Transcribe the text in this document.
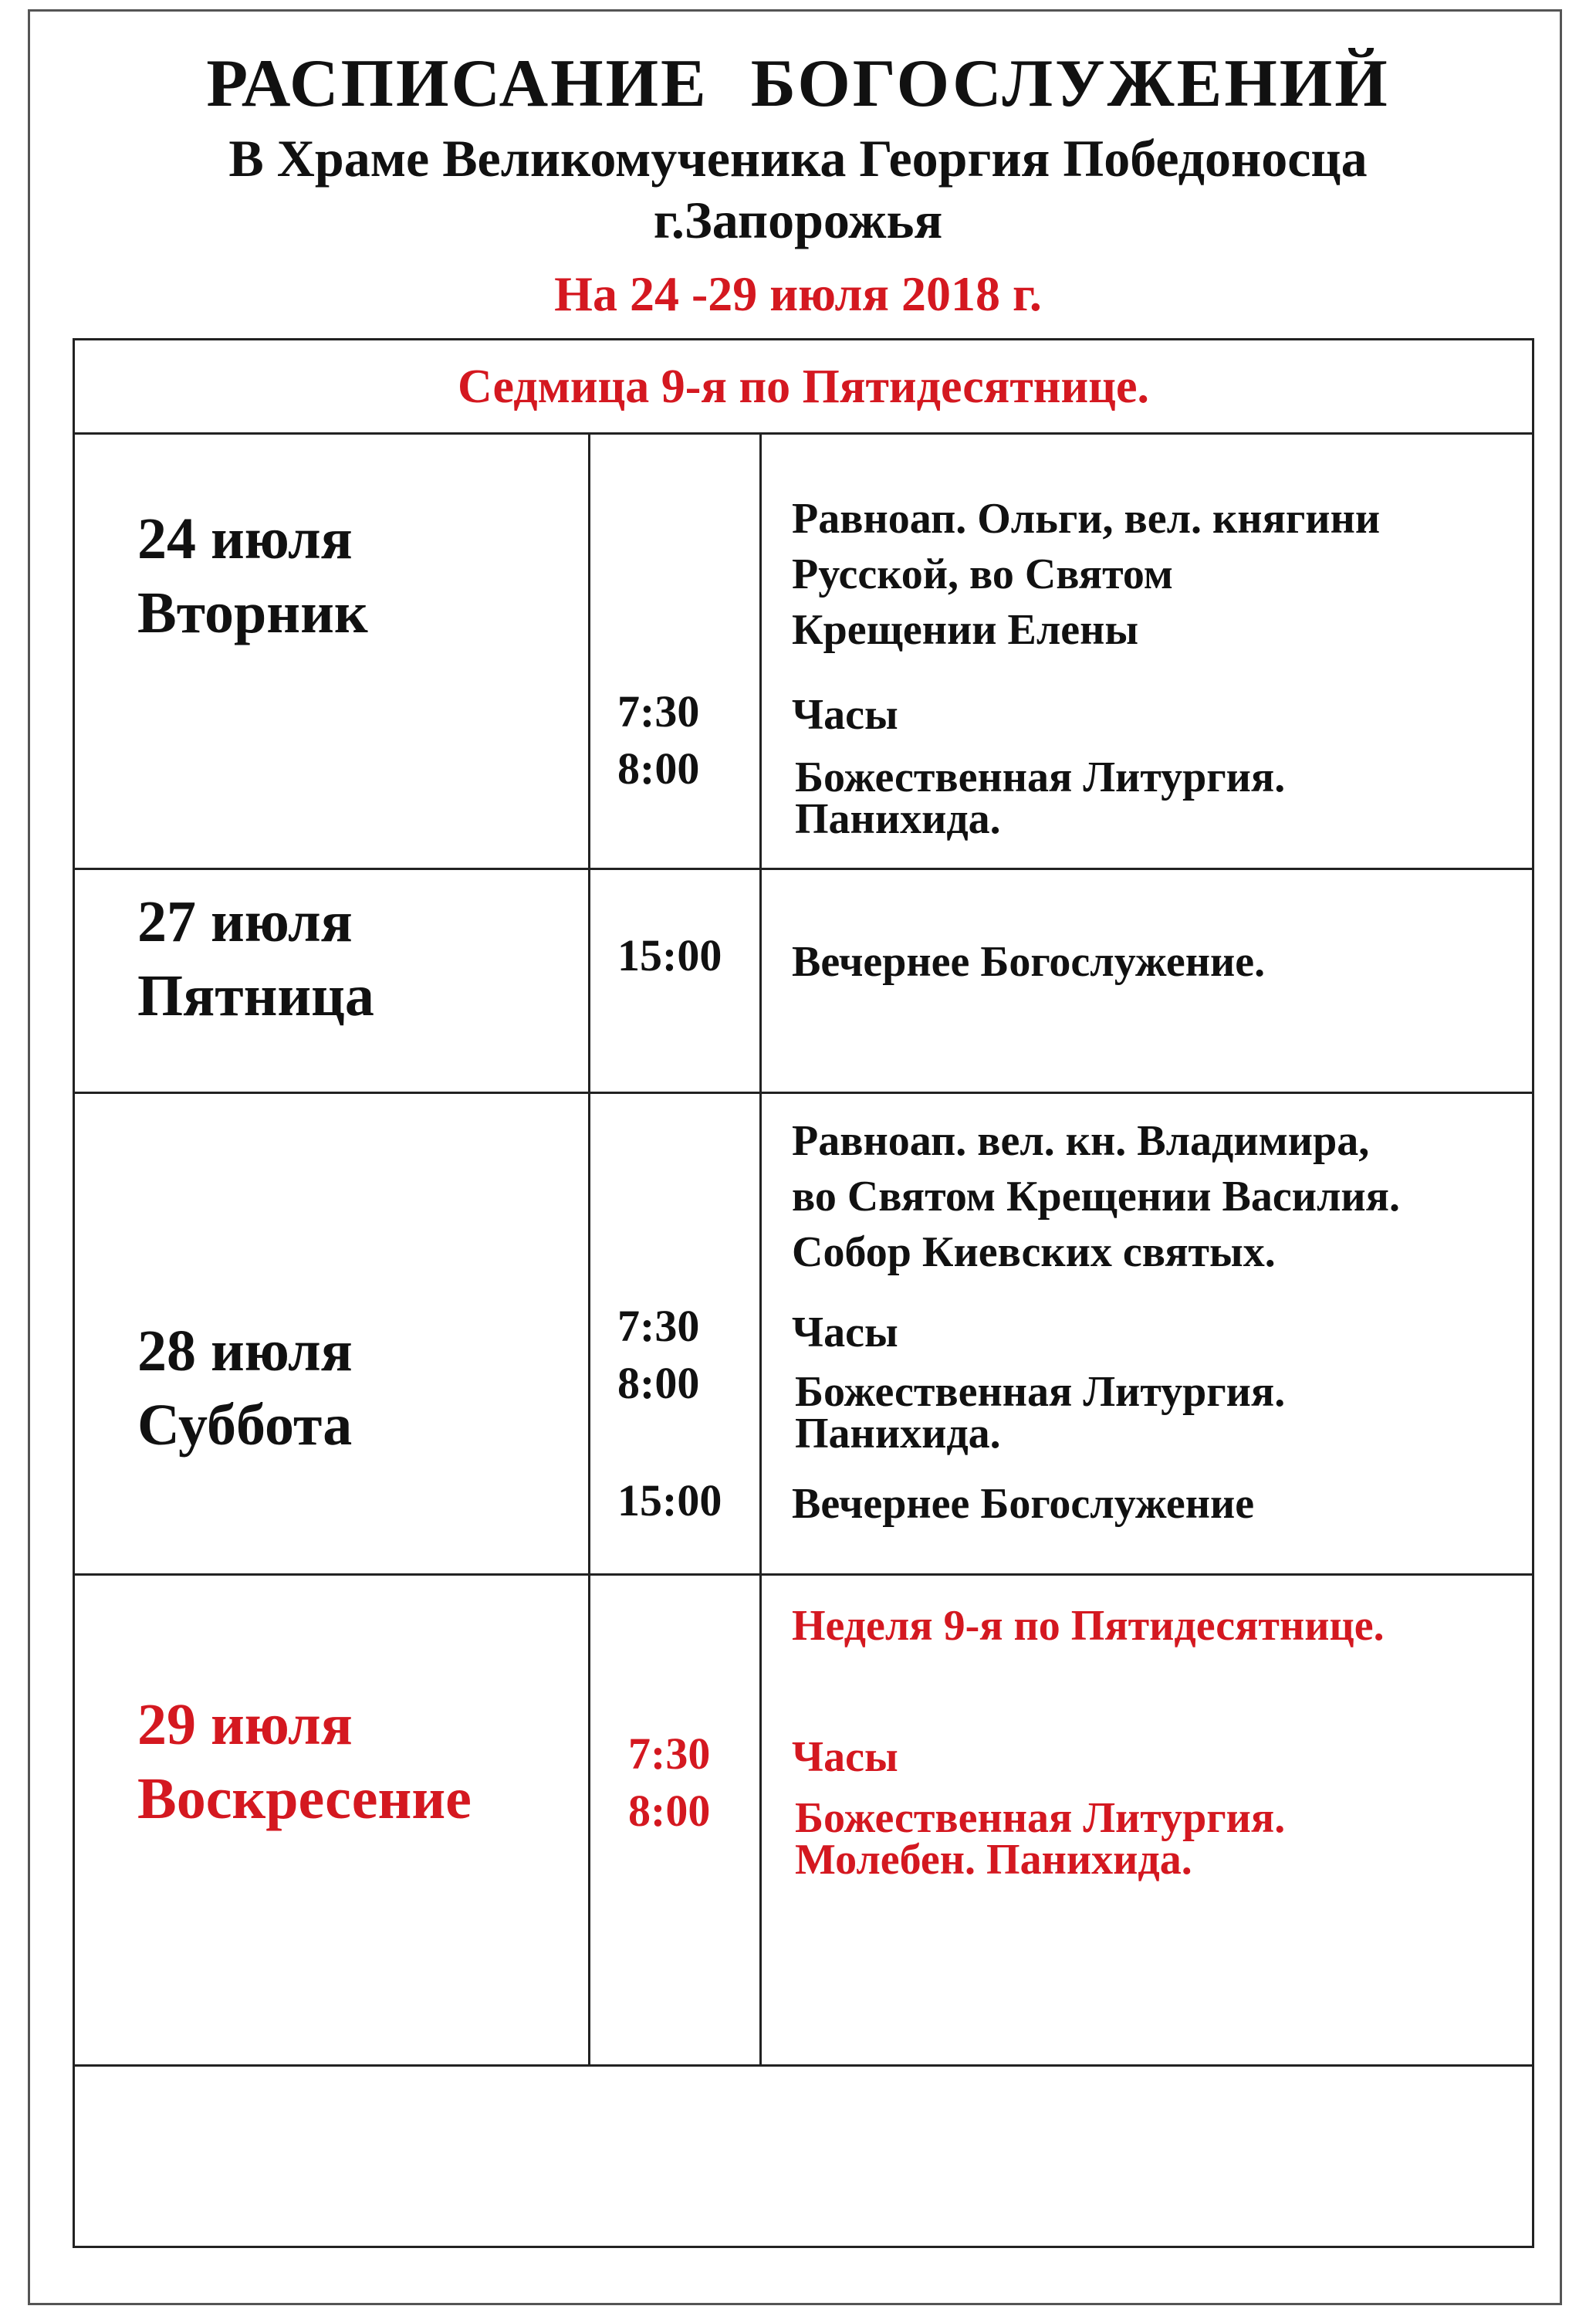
РАСПИСАНИЕ БОГОСЛУЖЕНИЙ
В Храме Великомученика Георгия Победоносца
г.Запорожья
На 24 -29 июля 2018 г.
Седмица 9-я по Пятидесятнице.
24 июля
Вторник
Равноап. Ольги, вел. княгини
Русской, во Святом
Крещении Елены
7:30 Часы
8:00 Божественная Литургия.
Панихида.
27 июля
Пятница
15:00 Вечернее Богослужение.
Равноап. вел. кн. Владимира,
во Святом Крещении Василия.
Собор Киевских святых.
28 июля
Суббота
7:30 Часы
8:00 Божественная Литургия.
Панихида.
15:00 Вечернее Богослужение
Неделя 9-я по Пятидесятнице.
29 июля
Воскресение
7:30 Часы
8:00 Божественная Литургия.
Молебен. Панихида.
